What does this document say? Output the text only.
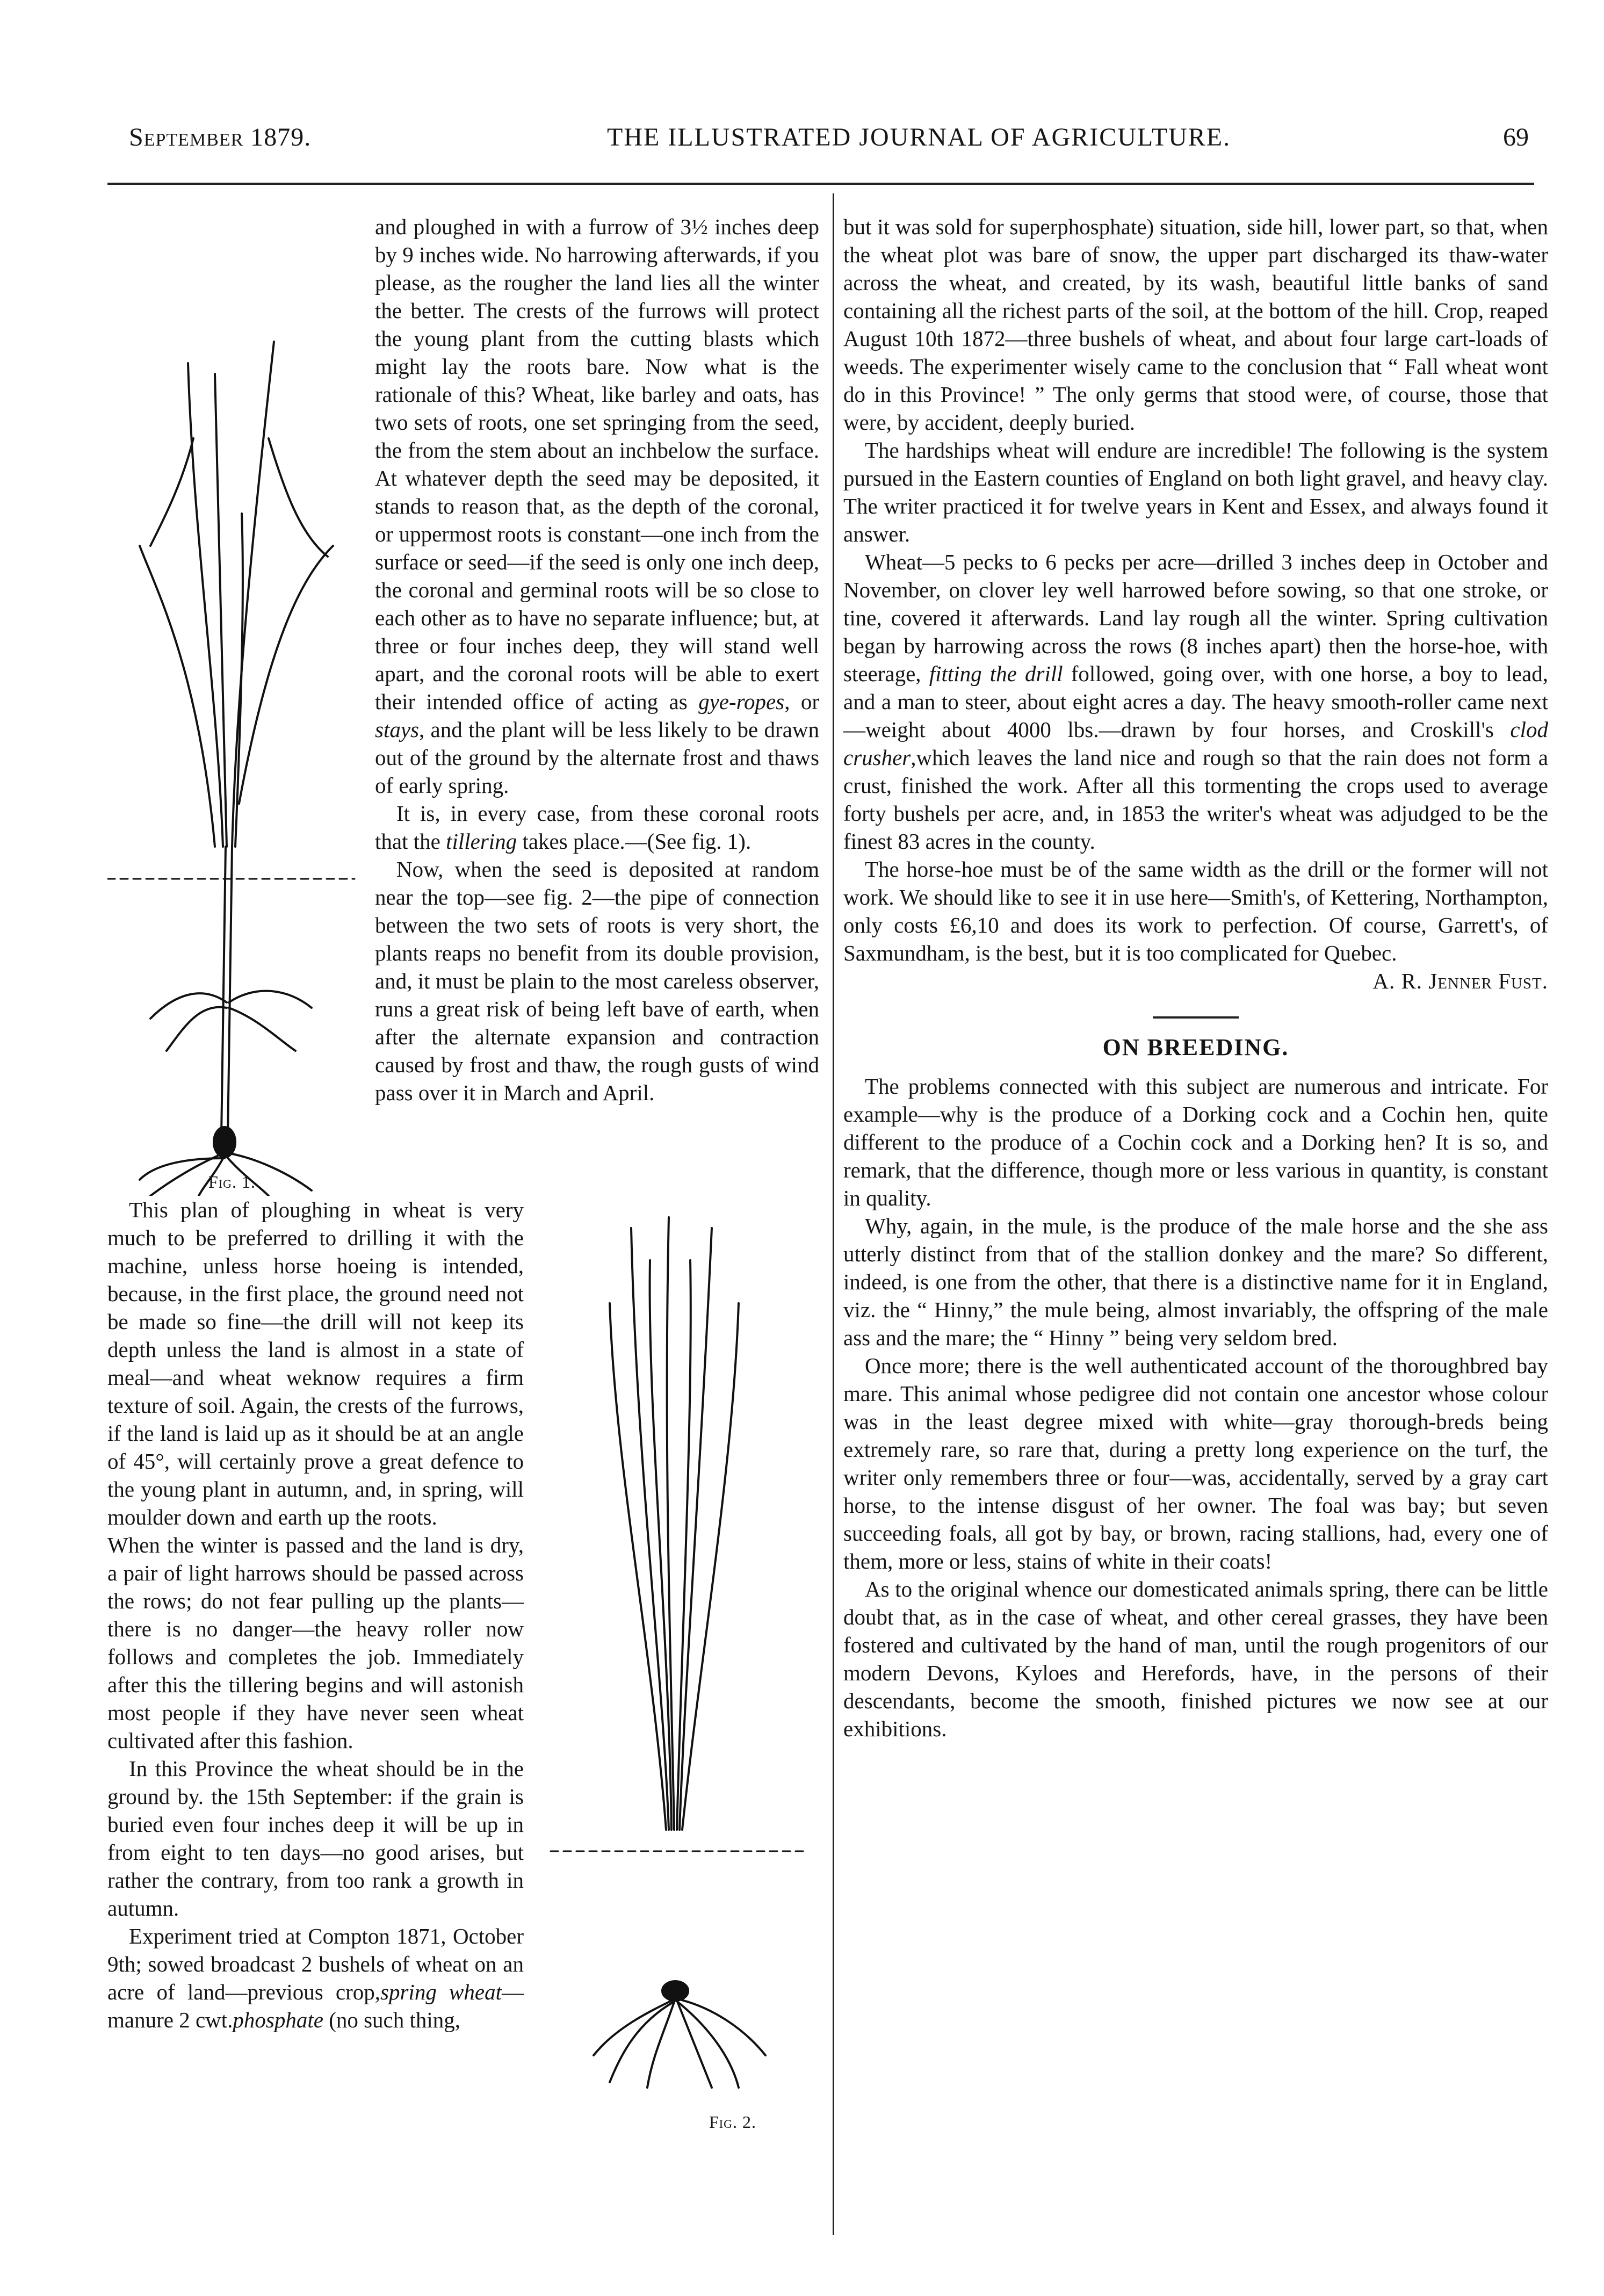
September 1879.	THE ILLUSTRATED JOURNAL OF AGRICULTURE.	69
Fig. 1.

and ploughed in with a furrow of 3½ inches deep by 9 inches wide. No harrowing afterwards, if you please, as the rougher the land lies all the winter the better. The crests of the furrows will protect the young plant from the cutting blasts which might lay the roots bare. Now what is the rationale of this? Wheat, like barley and oats, has two sets of roots, one set springing from the seed, the from the stem about an inchbelow the surface. At whatever depth the seed may be deposited, it stands to reason that, as the depth of the coronal, or uppermost roots is constant—one inch from the surface or seed—if the seed is only one inch deep, the coronal and germinal roots will be so close to each other as to have no separate influence; but, at three or four inches deep, they will stand well apart, and the coronal roots will be able to exert their intended office of acting as gye-ropes, or stays, and the plant will be less likely to be drawn out of the ground by the alternate frost and thaws of early spring.

It is, in every case, from these coronal roots that the tillering takes place.—(See fig. 1).

Now, when the seed is deposited at random near the top—see fig. 2—the pipe of connection between the two sets of roots is very short, the plants reaps no benefit from its double provision, and, it must be plain to the most careless observer, runs a great risk of being left bave of earth, when after the alternate expansion and contraction caused by frost and thaw, the rough gusts of wind pass over it in March and April.

Fig. 2.

This plan of ploughing in wheat is very much to be preferred to drilling it with the machine, unless horse hoeing is intended, because, in the first place, the ground need not be made so fine—the drill will not keep its depth unless the land is almost in a state of meal—and wheat weknow requires a firm texture of soil. Again, the crests of the furrows, if the land is laid up as it should be at an angle of 45°, will certainly prove a great defence to the young plant in autumn, and, in spring, will moulder down and earth up the roots.

When the winter is passed and the land is dry, a pair of light harrows should be passed across the rows; do not fear pulling up the plants—there is no danger—the heavy roller now follows and completes the job. Immediately after this the tillering begins and will astonish most people if they have never seen wheat cultivated after this fashion.

In this Province the wheat should be in the ground by. the 15th September: if the grain is buried even four inches deep it will be up in from eight to ten days—no good arises, but rather the contrary, from too rank a growth in autumn.

Experiment tried at Compton 1871, October 9th; sowed broadcast 2 bushels of wheat on an acre of land—previous crop,spring wheat— manure 2 cwt.phosphate (no such thing,

but it was sold for superphosphate) situation, side hill, lower part, so that, when the wheat plot was bare of snow, the upper part discharged its thaw-water across the wheat, and created, by its wash, beautiful little banks of sand containing all the richest parts of the soil, at the bottom of the hill. Crop, reaped August 10th 1872—three bushels of wheat, and about four large cart-loads of weeds. The experimenter wisely came to the conclusion that “ Fall wheat wont do in this Province! ” The only germs that stood were, of course, those that were, by accident, deeply buried.

The hardships wheat will endure are incredible! The following is the system pursued in the Eastern counties of England on both light gravel, and heavy clay. The writer practiced it for twelve years in Kent and Essex, and always found it answer.

Wheat—5 pecks to 6 pecks per acre—drilled 3 inches deep in October and November, on clover ley well harrowed before sowing, so that one stroke, or tine, covered it afterwards. Land lay rough all the winter. Spring cultivation began by harrowing across the rows (8 inches apart) then the horse-hoe, with steerage, fitting the drill followed, going over, with one horse, a boy to lead, and a man to steer, about eight acres a day. The heavy smooth-roller came next—weight about 4000 lbs.—drawn by four horses, and Croskill's clod crusher,which leaves the land nice and rough so that the rain does not form a crust, finished the work. After all this tormenting the crops used to average forty bushels per acre, and, in 1853 the writer's wheat was adjudged to be the finest 83 acres in the county.

The horse-hoe must be of the same width as the drill or the former will not work. We should like to see it in use here—Smith's, of Kettering, Northampton, only costs £6,10 and does its work to perfection. Of course, Garrett's, of Saxmundham, is the best, but it is too complicated for Quebec.

A. R. Jenner Fust.

ON BREEDING.

The problems connected with this subject are numerous and intricate. For example—why is the produce of a Dorking cock and a Cochin hen, quite different to the produce of a Cochin cock and a Dorking hen? It is so, and remark, that the difference, though more or less various in quantity, is constant in quality.

Why, again, in the mule, is the produce of the male horse and the she ass utterly distinct from that of the stallion donkey and the mare? So different, indeed, is one from the other, that there is a distinctive name for it in England, viz. the “ Hinny,” the mule being, almost invariably, the offspring of the male ass and the mare; the “ Hinny ” being very seldom bred.

Once more; there is the well authenticated account of the thoroughbred bay mare. This animal whose pedigree did not contain one ancestor whose colour was in the least degree mixed with white—gray thorough-breds being extremely rare, so rare that, during a pretty long experience on the turf, the writer only remembers three or four—was, accidentally, served by a gray cart horse, to the intense disgust of her owner. The foal was bay; but seven succeeding foals, all got by bay, or brown, racing stallions, had, every one of them, more or less, stains of white in their coats!

As to the original whence our domesticated animals spring, there can be little doubt that, as in the case of wheat, and other cereal grasses, they have been fostered and cultivated by the hand of man, until the rough progenitors of our modern Devons, Kyloes and Herefords, have, in the persons of their descendants, become the smooth, finished pictures we now see at our exhibitions.
